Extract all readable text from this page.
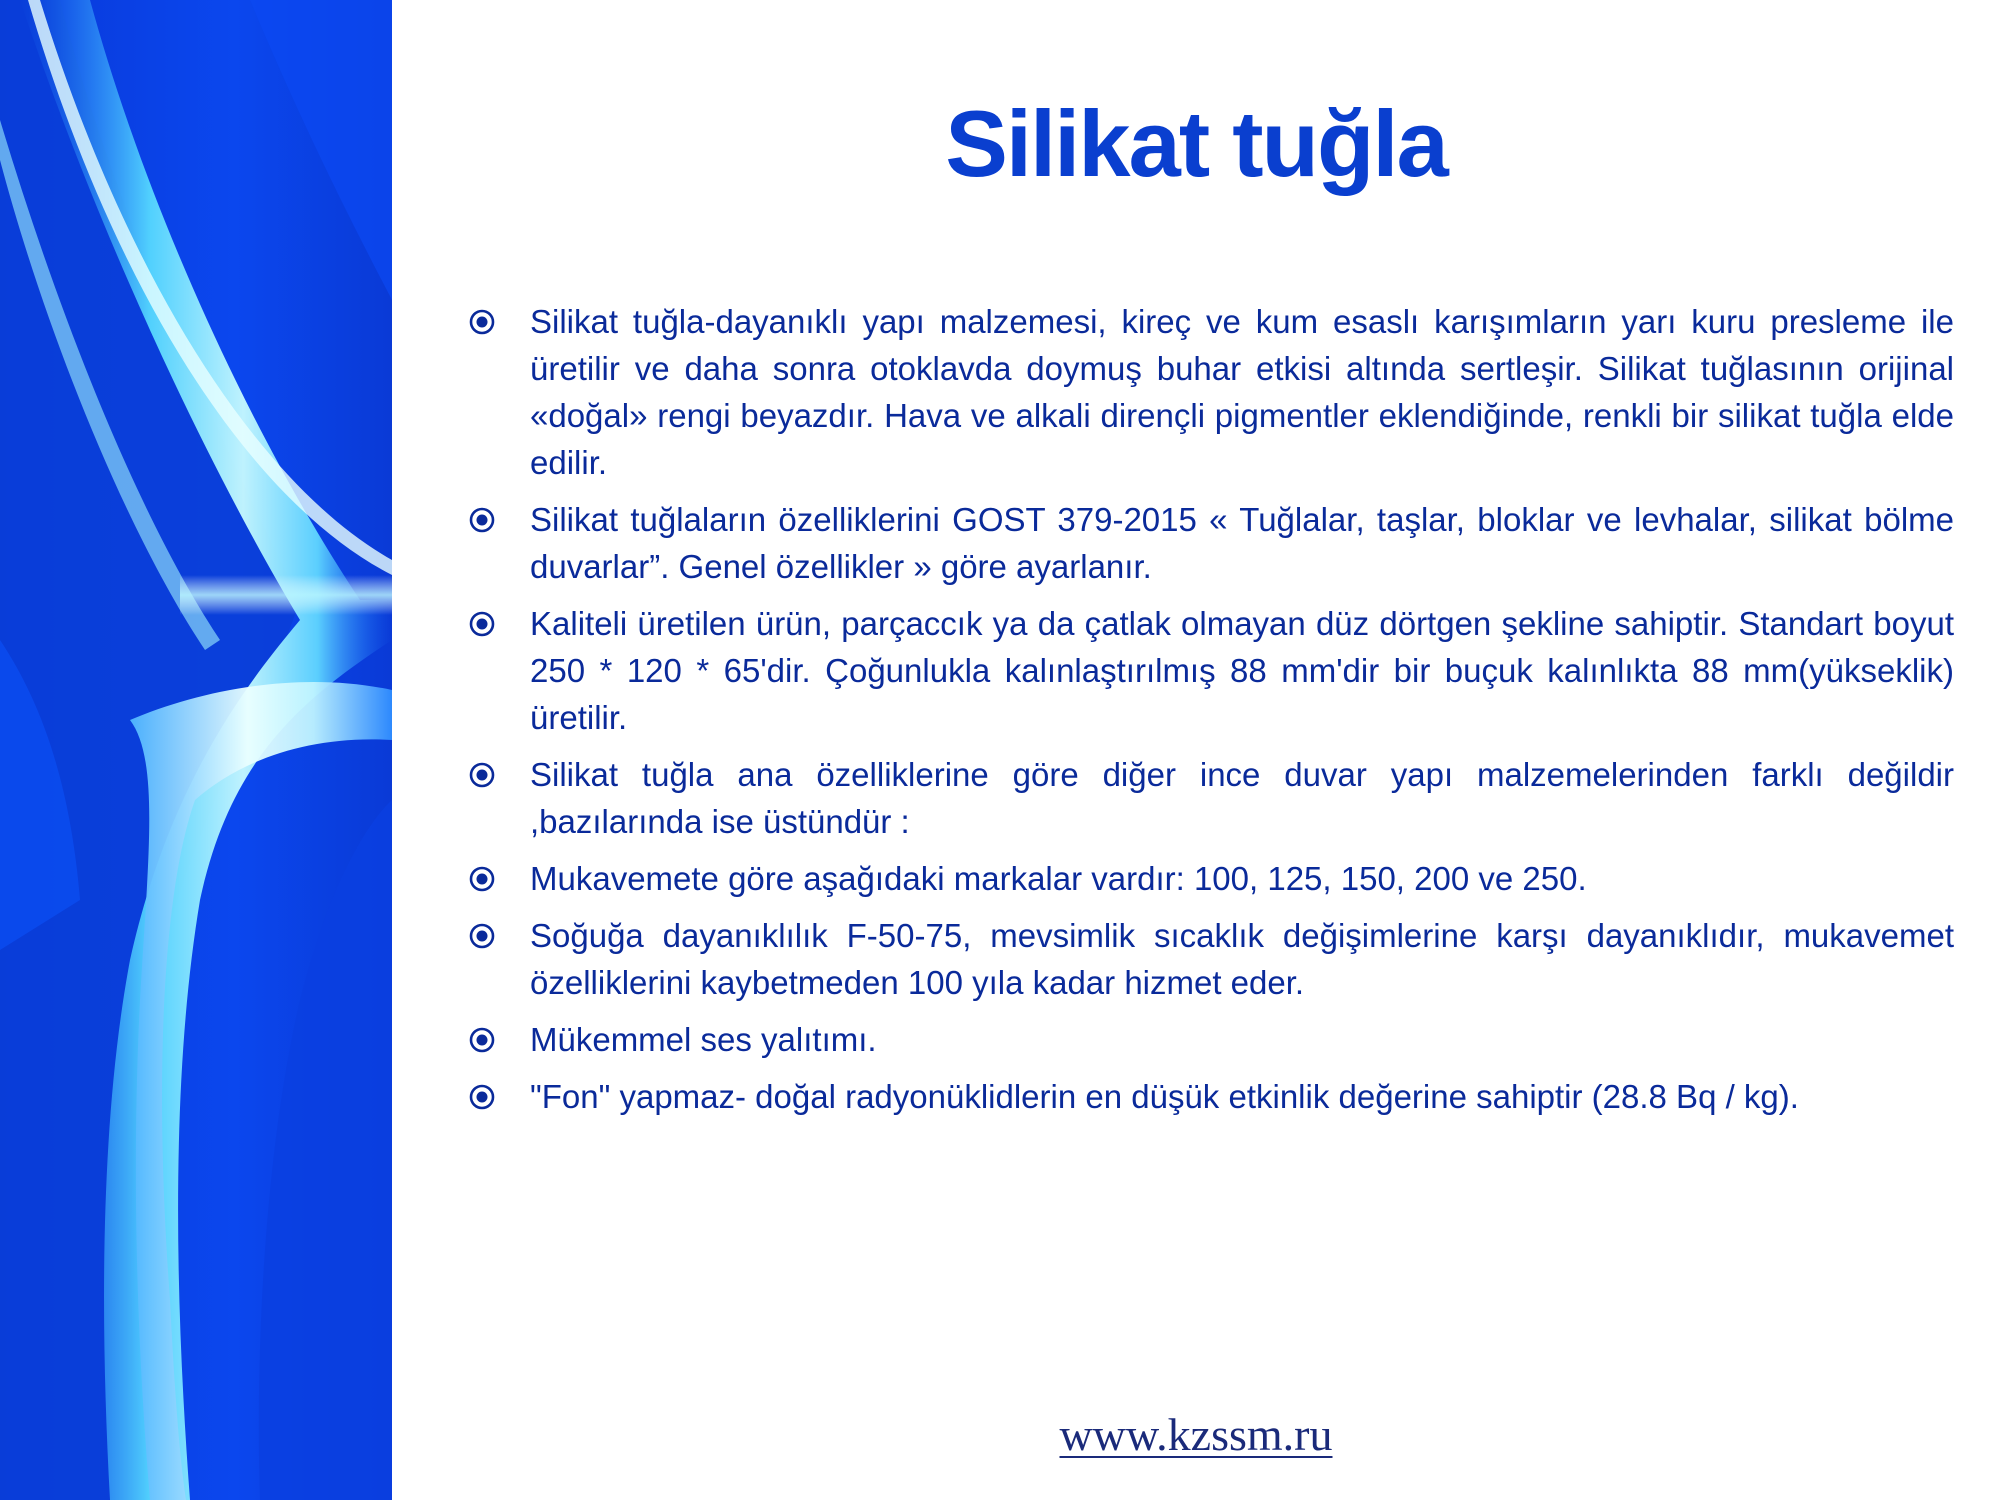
Silikat tuğla
Silikat tuğla-dayanıklı yapı malzemesi, kireç ve kum esaslı karışımların yarı kuru presleme ile üretilir ve daha sonra otoklavda doymuş buhar etkisi altında sertleşir. Silikat tuğlasının orijinal «doğal» rengi beyazdır. Hava ve alkali dirençli pigmentler eklendiğinde, renkli bir silikat tuğla elde edilir.
Silikat tuğlaların özelliklerini GOST 379-2015 « Tuğlalar, taşlar, bloklar ve levhalar, silikat bölme duvarlar”. Genel özellikler » göre ayarlanır.
Kaliteli üretilen ürün, parçaccık ya da çatlak olmayan düz dörtgen şekline sahiptir. Standart boyut 250 * 120 * 65'dir. Çoğunlukla kalınlaştırılmış 88 mm'dir bir buçuk kalınlıkta 88 mm(yükseklik) üretilir.
Silikat tuğla ana özelliklerine göre diğer ince duvar yapı malzemelerinden farklı değildir ,bazılarında ise üstündür :
Mukavemete göre aşağıdaki markalar vardır: 100, 125, 150, 200 ve 250.
Soğuğa dayanıklılık F-50-75, mevsimlik sıcaklık değişimlerine karşı dayanıklıdır, mukavemet özelliklerini kaybetmeden 100 yıla kadar hizmet eder.
Mükemmel ses yalıtımı.
"Fon" yapmaz- doğal radyonüklidlerin en düşük etkinlik değerine sahiptir (28.8 Bq / kg).
www.kzssm.ru
